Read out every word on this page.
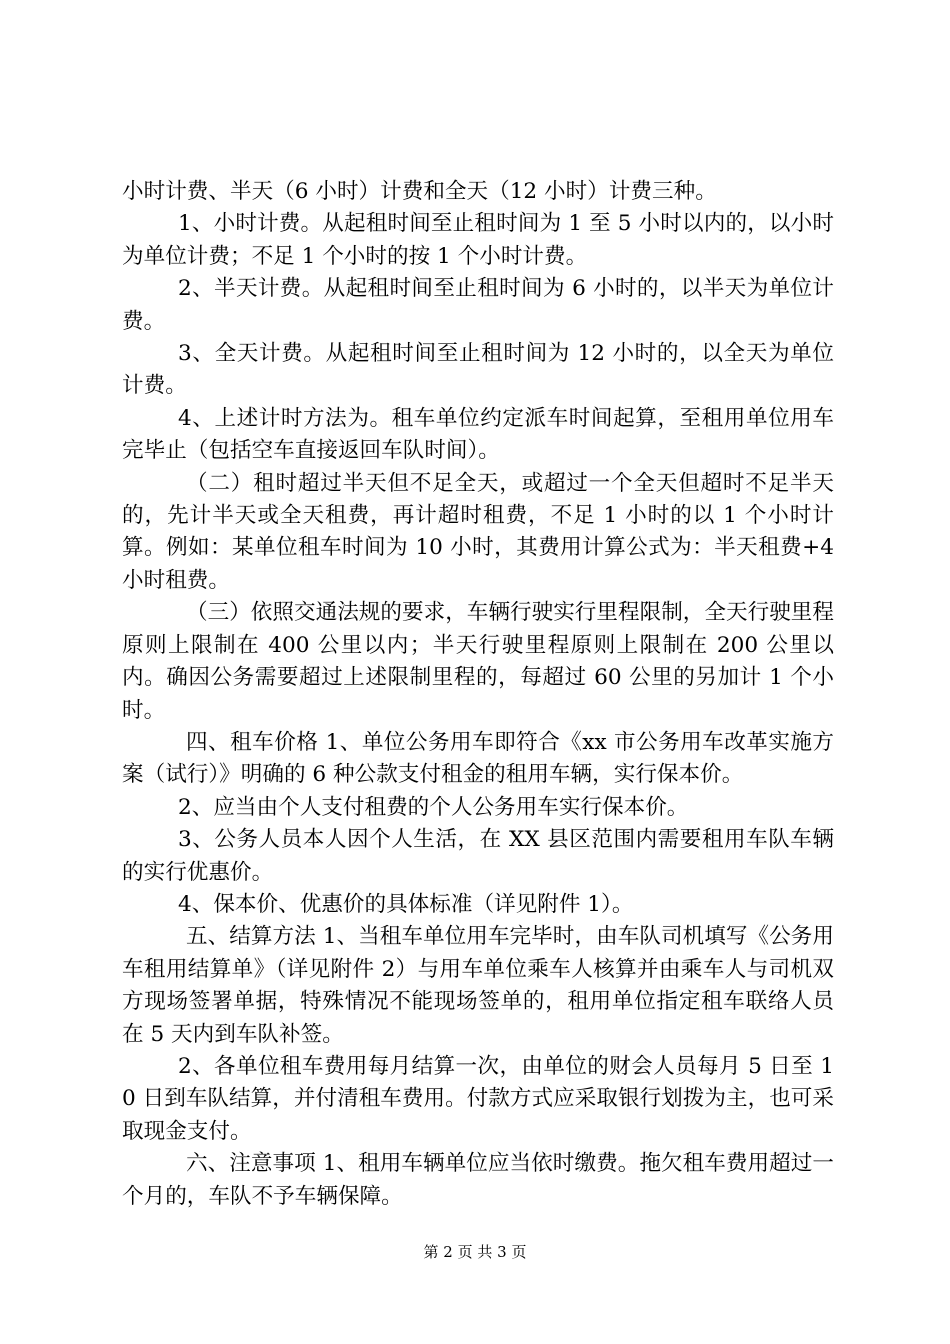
小时计费、半天（6 小时）计费和全天（12 小时）计费三种。

1、小时计费。从起租时间至止租时间为 1 至 5 小时以内的，以小时为单位计费；不足 1 个小时的按 1 个小时计费。

2、半天计费。从起租时间至止租时间为 6 小时的，以半天为单位计费。

3、全天计费。从起租时间至止租时间为 12 小时的，以全天为单位计费。

4、上述计时方法为。租车单位约定派车时间起算，至租用单位用车完毕止（包括空车直接返回车队时间）。

（二）租时超过半天但不足全天，或超过一个全天但超时不足半天的，先计半天或全天租费，再计超时租费，不足 1 小时的以 1 个小时计算。例如：某单位租车时间为 10 小时，其费用计算公式为：半天租费+4 小时租费。

（三）依照交通法规的要求，车辆行驶实行里程限制，全天行驶里程原则上限制在 400 公里以内；半天行驶里程原则上限制在 200 公里以内。确因公务需要超过上述限制里程的，每超过 60 公里的另加计 1 个小时。

四、租车价格 1、单位公务用车即符合《xx 市公务用车改革实施方案（试行）》明确的 6 种公款支付租金的租用车辆，实行保本价。

2、应当由个人支付租费的个人公务用车实行保本价。

3、公务人员本人因个人生活，在 XX 县区范围内需要租用车队车辆的实行优惠价。

4、保本价、优惠价的具体标准（详见附件 1）。

五、结算方法 1、当租车单位用车完毕时，由车队司机填写《公务用车租用结算单》（详见附件 2）与用车单位乘车人核算并由乘车人与司机双方现场签署单据，特殊情况不能现场签单的，租用单位指定租车联络人员在 5 天内到车队补签。

2、各单位租车费用每月结算一次，由单位的财会人员每月 5 日至 10 日到车队结算，并付清租车费用。付款方式应采取银行划拨为主，也可采取现金支付。

六、注意事项 1、租用车辆单位应当依时缴费。拖欠租车费用超过一个月的，车队不予车辆保障。

第 2 页 共 3 页
